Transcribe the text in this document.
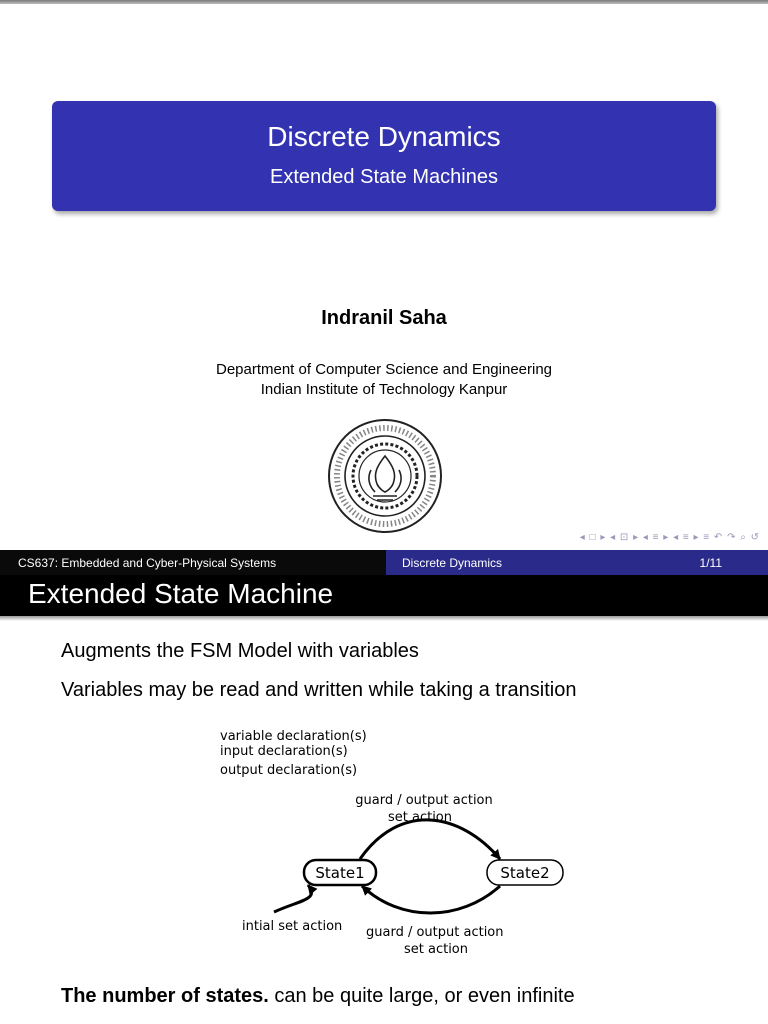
Discrete Dynamics
Extended State Machines
Indranil Saha
Department of Computer Science and Engineering
Indian Institute of Technology Kanpur
◂ □ ▸ ◂ ⊡ ▸ ◂ ≡ ▸ ◂ ≡ ▸ ≡ ↶ ↷ ⌕ ↺
CS637: Embedded and Cyber-Physical Systems	Discrete Dynamics	1/11
Extended State Machine
Augments the FSM Model with variables
Variables may be read and written while taking a transition
variable declaration(s)
input declaration(s)
output declaration(s)
guard / output action
set action
State1	State2
intial set action guard / output action
set action
The number of states. can be quite large, or even infinite
